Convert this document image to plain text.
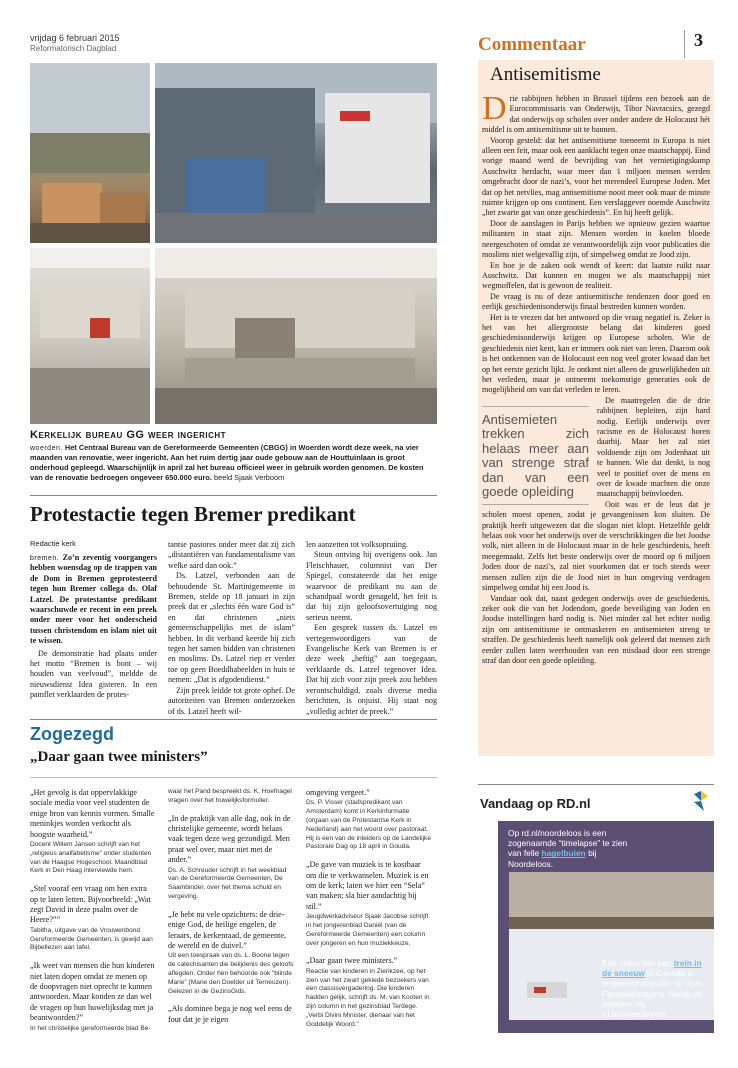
vrijdag 6 februari 2015
Reformatorisch Dagblad	Commentaar	3
Kerkelijk bureau GG weer ingericht
woerden. Het Centraal Bureau van de Gereformeerde Gemeenten (CBGG) in Woerden wordt deze week, na vier maanden van renovatie, weer ingericht. Aan het ruim dertig jaar oude gebouw aan de Houttuinlaan is groot onderhoud gepleegd. Waarschijnlijk in april zal het bureau officieel weer in gebruik worden genomen. De kosten van de renovatie bedroegen ongeveer 650.000 euro. beeld Sjaak Verboom
Protestactie tegen Bremer predikant
Redactie kerk
bremen. Zo’n zeventig voorgangers hebben woensdag op de trappen van de Dom in Bremen geprotesteerd tegen hun Bremer collega ds. Olaf Latzel. De protestantse predikant waarschuwde er recent in een preek onder meer voor het onderscheid tussen christendom en islam niet uit te wissen.

De demonstratie had plaats onder het motto “Bremen is bont – wij houden van veelvoud”, meldde de nieuwsdienst Idea gisteren. In een pamflet verklaarden de protes-

tantse pastores onder meer dat zij zich „distantiëren van fundamentalisme van welke aard dan ook.”

Ds. Latzel, verbonden aan de behoudende St. Martinigemeente in Bremen, stelde op 18 januari in zijn preek dat er „slechts één ware God is” en dat christenen „niets gemeenschappelijks met de islam” hebben. In dit verband keerde hij zich tegen het samen bidden van christenen en moslims. Ds. Latzel riep er verder toe op geen Boeddhabeelden in huis te nemen: „Dat is afgodendienst.”

Zijn preek leidde tot grote ophef. De autoriteiten van Bremen onderzoeken of ds. Latzel heeft wil-

len aanzetten tot volksopruiing.

Steun ontving hij overigens ook. Jan Fleischhauer, columnist van Der Spiegel, constateerde dat het enige waarvoor de predikant nu aan de schandpaal wordt genageld, het feit is dat hij zijn geloofsovertuiging nog serieus neemt.

Een gesprek tussen ds. Latzel en vertegenwoordigers van de Evangelische Kerk van Bremen is er deze week „heftig” aan toegegaan, verklaarde ds. Latzel tegenover Idea. Dat hij zich voor zijn preek zou hebben verontschuldigd, zoals diverse media berichtten, is onjuist. Hij staat nog „volledig achter de preek.”

Zogezegd
„Daar gaan twee ministers”
„Het gevolg is dat oppervlakkige sociale media voor veel studenten de enige bron van kennis vormen. Smalle meninkjes worden verkocht als hoogste waarheid.”
Docent Willem Jansen schrijft van het „religieus analfabetisme” onder studenten van de Haagse Hogeschool. Maandblad Kerk in Den Haag interviewde hem.
„Stel vooraf een vraag om hen extra op te laten letten. Bijvoorbeeld: „Wat zegt David in deze psalm over de Heere?””
Tabitha, uitgave van de Vrouwenbond Gereformeerde Gemeenten, is gewijd aan Bijbellezen aan tafel.
„Ik weet van mensen die hun kinderen niet laten dopen omdat ze menen op de doopvragen niet oprecht te kunnen antwoorden. Maar konden ze dan wel de vragen op hun huwelijksdag met ja beantwoorden?”
In het christelijke gereformeerde blad Be-
waar het Pand bespreekt ds. K. Hoefnagel vragen over het huwelijksformulier.
„In de praktijk van alle dag, ook in de christelijke gemeente, wordt helaas vaak tegen deze weg gezondigd. Men praat wel over, maar niet met de ander.”
Ds. A. Schreuder schrijft in het weekblad van de Gereformeerde Gemeenten, De Saambinder, over het thema schuld en vergeving.
„Je hebt nu vele opzichters: de drie-enige God, de heilige engelen, de leraars, de kerkenraad, de gemeente, de wereld en de duivel.”
Uit een toespraak van ds. L. Boone tegen de catechisanten die belijdenis des geloofs aflegden. Onder hen behoorde ook “blinde Marie” (Marie den Doelder uit Terneuzen). Gelezen in de GezinsGids.
„Als dominee bega je nog wel eens de fout dat je je eigen
omgeving vergeet.”
Ds. P. Visser (stadspredikant van Amsterdam) komt in Kerkinformatie (orgaan van de Protestantse Kerk in Nederland) aan het woord over pastoraat. Hij is een van de inleiders op de Landelijke Pastorale Dag op 18 april in Gouda.
„De gave van muziek is te kostbaar om die te verkwanselen. Muziek is en om de kerk; laten we hier een “Sela” van maken; sla hier aandachtig bij stil.”
Jeugdwerkadviseur Sjaak Jacobse schrijft in het jongerenblad Daniël (van de Gereformeerde Gemeenten) een column over jongeren en hun muziekkeuze.
„Daar gaan twee ministers.”
Reactie van kinderen in Zierikzee, op het zien van het zwart geklede bezoekers van een classisvergadering. Die kinderen hadden gelijk, schrijft ds. M. van Kooten in zijn column in het gezinsblad Terdege. „Verbi Divini Minister, dienaar van het Goddelijk Woord.”
Antisemitisme

Drie rabbijnen hebben in Brussel tijdens een bezoek aan de Eurocommissaris van Onderwijs, Tibor Navracsics, gezegd dat onderwijs op scholen over onder andere de Holocaust hét middel is om antisemitisme uit te bannen.

Voorop gesteld: dat het antisemitisme toeneemt in Europa is niet alleen een feit, maar ook een aanklacht tegen onze maatschappij. Eind vorige maand werd de bevrijding van het vernietigingskamp Auschwitz herdacht, waar meer dan 1 miljoen mensen werden omgebracht door de nazi’s, voor het merendeel Europese Joden. Met dat op het netvlies, mag antisemitisme nooit meer ook maar de minste ruimte krijgen op ons continent. Een verslaggever noemde Auschwitz „het zwarte gat van onze geschiedenis”. En hij heeft gelijk.

Door de aanslagen in Parijs hebben we opnieuw gezien waartoe militanten in staat zijn. Mensen worden in koelen bloede neergeschoten of omdat ze verantwoordelijk zijn voor publicaties die moslims niet welgevallig zijn, of simpelweg omdat ze Jood zijn.

En hoe je de zaken ook wendt of keert: dat laatste ruikt naar Auschwitz. Dat kunnen en mogen we als maatschappij niet wegmoffelen, dat is gewoon de realiteit.

De vraag is nu of deze antisemitische tendenzen door goed en eerlijk geschiedenisonderwijs finaal bestreden kunnen worden.

Het is te vrezen dat het antwoord op die vraag negatief is. Zeker is het van het allergrootste belang dat kinderen goed geschiedenisonderwijs krijgen op Europese scholen. Wie de geschiedenis niet kent, kan er immers ook niet van leren. Daarom ook is het ontkennen van de Holocaust een nog veel groter kwaad dan het op het eerste gezicht lijkt. Je ontkent niet alleen de gruwelijkheden uit het verleden, maar je ontneemt toekomstige generaties ook de mogelijkheid om van dat verleden te leren.

Antisemieten trekken zich helaas meer aan van strenge straf dan van een goede opleiding

De maatregelen die de drie rabbijnen bepleiten, zijn hard nodig. Eerlijk onderwijs over racisme en de Holocaust horen daarbij. Maar het zal niet voldoende zijn om Jodenhaat uit te bannen. Wie dat denkt, is nog veel te positief over de mens en over de kwade machten die onze maatschappij beïnvloeden.

Ooit was er de leus dat je scholen moest openen, zodat je gevangenissen kon sluiten. De praktijk heeft uitgewezen dat die slogan niet klopt. Hetzelfde geldt helaas ook voor het onderwijs over de verschrikkingen die het Joodse volk, niet alleen in de Holocaust maar in de hele geschiedenis, heeft meegemaakt. Zelfs het beste onderwijs over de moord op 6 miljoen Joden door de nazi’s, zal niet voorkomen dat er toch steeds weer mensen zullen zijn die de Jood niet in hun omgeving verdragen simpelweg omdat hij een Jood is.

Vandaar ook dat, naast gedegen onderwijs over de geschiedenis, zeker ook die van het Jodendom, goede beveiliging van Joden en Joodse instellingen hard nodig is. Niet minder zal het echter nodig zijn om antisemitisme te ontmaskeren en antisemieten streng te straffen. De geschiedenis heeft namelijk ook geleerd dat mensen zich eerder zullen laten weerhouden van een misdaad door een strenge straf dan door een goede opleiding.

Vandaag op RD.nl
Op rd.nl/noordeloos is een zogenaamde “timelapse” te zien van felle hagelbuien bij Noordeloos.
Een video van een trein in de sneeuw in Canada is ongekend populair op onze Facebookpagina. Bekijk de beelden via rd.nl/sneeuwtrein.
